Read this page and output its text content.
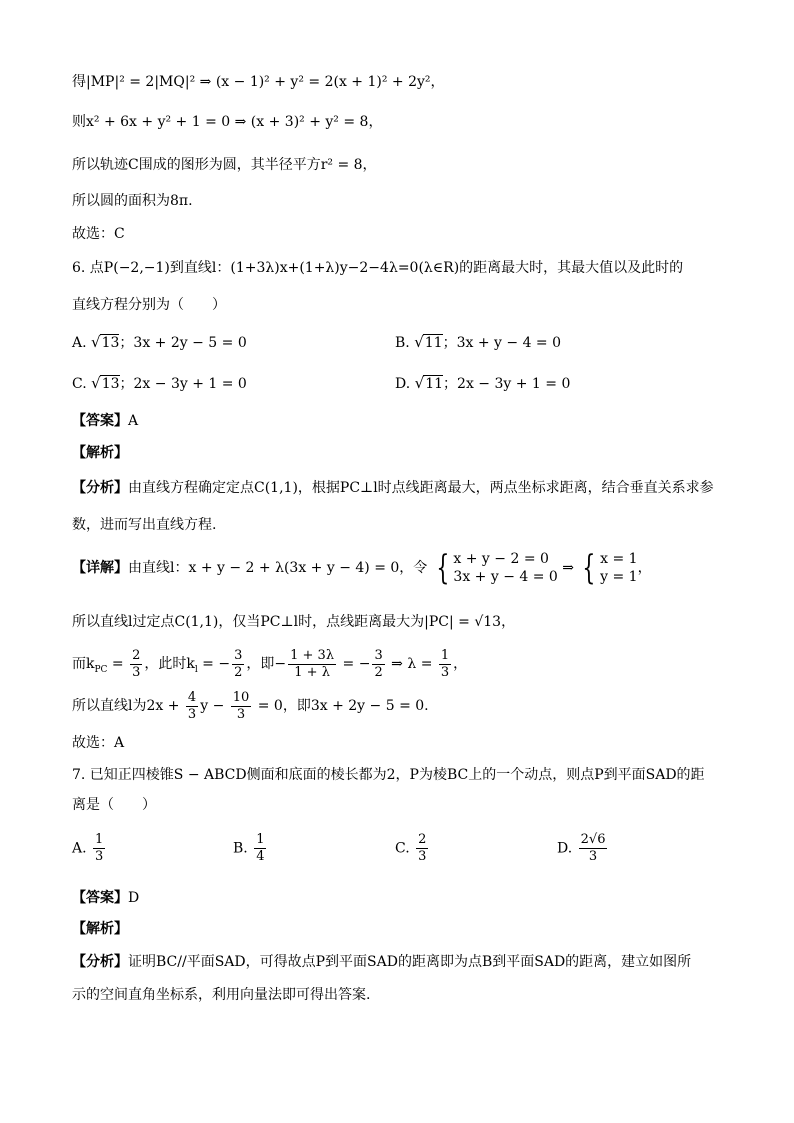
得|MP|² = 2|MQ|² ⇒ (x − 1)² + y² = 2(x + 1)² + 2y²，
则x² + 6x + y² + 1 = 0 ⇒ (x + 3)² + y² = 8，
所以轨迹C围成的图形为圆，其半径平方r² = 8，
所以圆的面积为8π.
故选：C
6. 点P(−2,−1)到直线l：(1+3λ)x+(1+λ)y−2−4λ=0(λ∈R)的距离最大时，其最大值以及此时的
直线方程分别为（　　）
A. √13；3x + 2y − 5 = 0	B. √11；3x + y − 4 = 0
C. √13；2x − 3y + 1 = 0	D. √11；2x − 3y + 1 = 0
【答案】A
【解析】
【分析】由直线方程确定定点C(1,1)，根据PC⊥l时点线距离最大，两点坐标求距离，结合垂直关系求参
数，进而写出直线方程.
【详解】由直线l：x + y − 2 + λ(3x + y − 4) = 0，令 { x + y − 2 = 0
3x + y − 4 = 0
⇒ { x = 1
y = 1
，
所以直线l过定点C(1,1)，仅当PC⊥l时，点线距离最大为|PC| = √13，
而$k_{PC} = \frac{2}{3}$ ，此时$k_l$ = − $\frac{3}{2}$ ，即− $\frac{1 + 3\lambda}{1 + \lambda}$ = − $\frac{3}{2}$ ⇒ $\lambda = \frac{1}{3}$ ，
所以直线l为$2x + \frac{4}{3}$ $y - \frac{10}{3} = 0$，即3x + 2y − 5 = 0.
故选：A
7. 已知正四棱锥S − ABCD侧面和底面的棱长都为2，P为棱BC上的一个动点，则点P到平面SAD的距
离是（　　）
A. $\frac{1}{3}$	B. $\frac{1}{4}$	C. $\frac{2}{3}$	D. $\frac{2√6}{3}$
【答案】D
【解析】
【分析】证明BC//平面SAD，可得故点P到平面SAD的距离即为点B到平面SAD的距离，建立如图所
示的空间直角坐标系，利用向量法即可得出答案.
